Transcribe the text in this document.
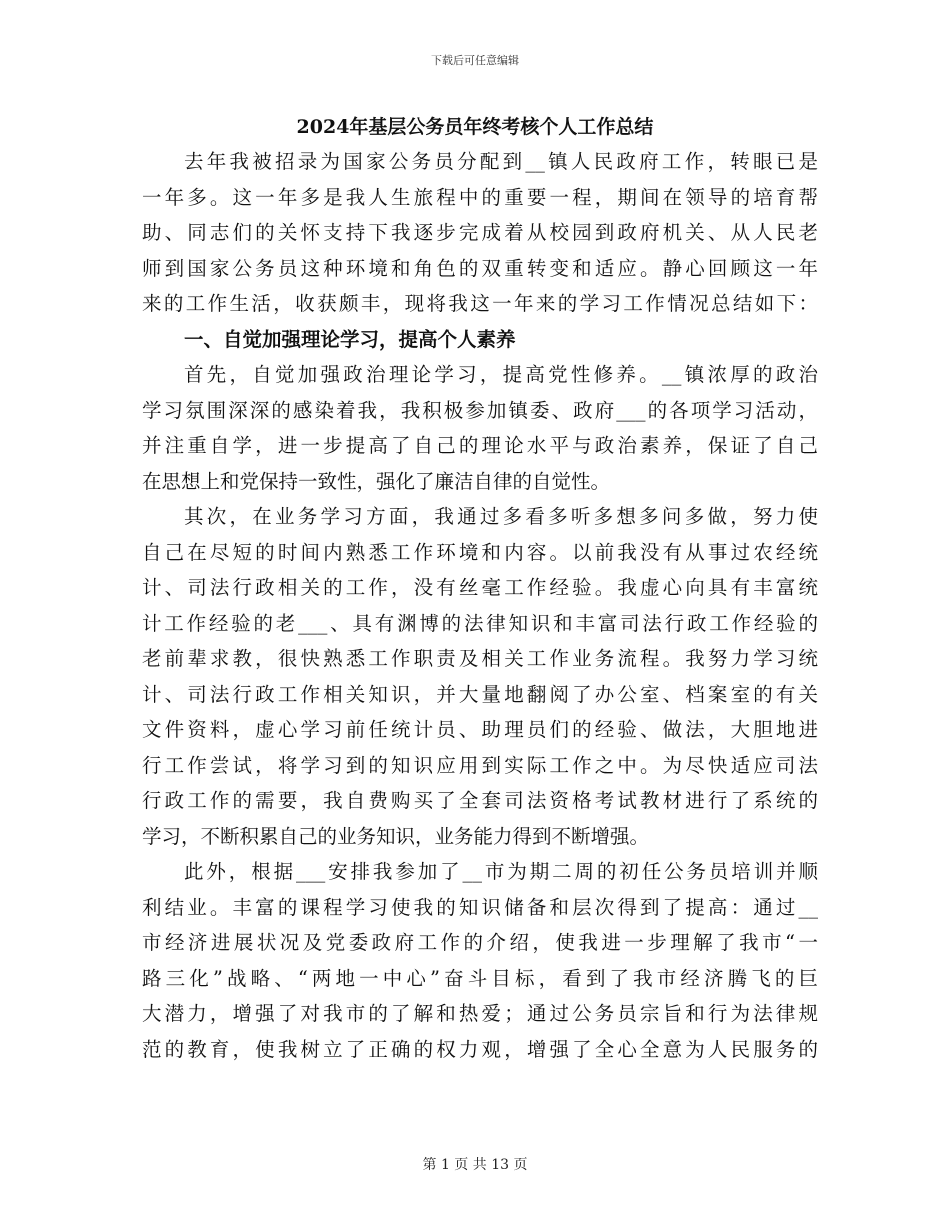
下载后可任意编辑
2024年基层公务员年终考核个人工作总结
去年我被招录为国家公务员分配到__镇人民政府工作，转眼已是
一年多。这一年多是我人生旅程中的重要一程，期间在领导的培育帮
助、同志们的关怀支持下我逐步完成着从校园到政府机关、从人民老
师到国家公务员这种环境和角色的双重转变和适应。静心回顾这一年
来的工作生活，收获颇丰，现将我这一年来的学习工作情况总结如下：
一、自觉加强理论学习，提高个人素养
首先，自觉加强政治理论学习，提高党性修养。__镇浓厚的政治
学习氛围深深的感染着我，我积极参加镇委、政府___的各项学习活动，
并注重自学，进一步提高了自己的理论水平与政治素养，保证了自己
在思想上和党保持一致性，强化了廉洁自律的自觉性。
其次，在业务学习方面，我通过多看多听多想多问多做，努力使
自己在尽短的时间内熟悉工作环境和内容。以前我没有从事过农经统
计、司法行政相关的工作，没有丝毫工作经验。我虚心向具有丰富统
计工作经验的老___、具有渊博的法律知识和丰富司法行政工作经验的
老前辈求教，很快熟悉工作职责及相关工作业务流程。我努力学习统
计、司法行政工作相关知识，并大量地翻阅了办公室、档案室的有关
文件资料，虚心学习前任统计员、助理员们的经验、做法，大胆地进
行工作尝试，将学习到的知识应用到实际工作之中。为尽快适应司法
行政工作的需要，我自费购买了全套司法资格考试教材进行了系统的
学习，不断积累自己的业务知识，业务能力得到不断增强。
此外，根据___安排我参加了__市为期二周的初任公务员培训并顺
利结业。丰富的课程学习使我的知识储备和层次得到了提高：通过__
市经济进展状况及党委政府工作的介绍，使我进一步理解了我市“一
路三化”战略、“两地一中心”奋斗目标，看到了我市经济腾飞的巨
大潜力，增强了对我市的了解和热爱；通过公务员宗旨和行为法律规
范的教育，使我树立了正确的权力观，增强了全心全意为人民服务的
第 1 页 共 13 页
